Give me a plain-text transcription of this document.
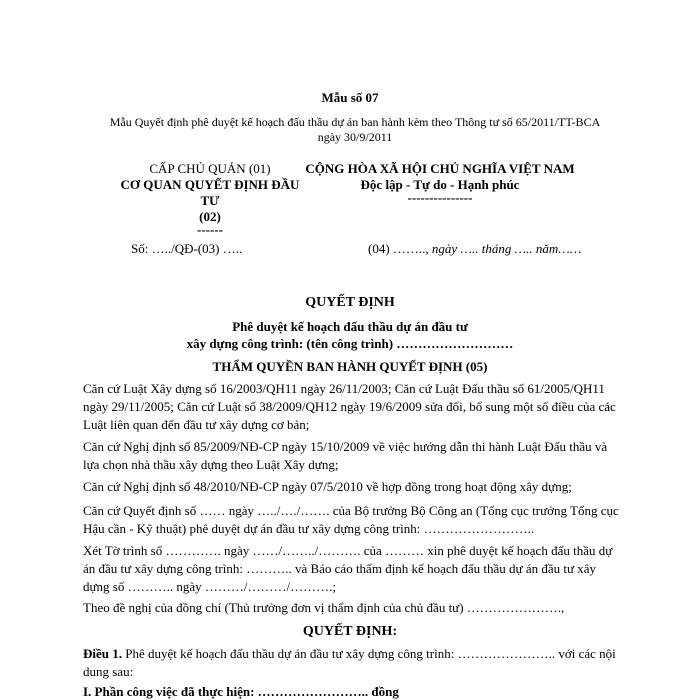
Mẫu số 07
Mẫu Quyết định phê duyệt kế hoạch đấu thầu dự án ban hành kèm theo Thông tư số 65/2011/TT-BCA ngày 30/9/2011
CẤP CHỦ QUẢN (01)
CƠ QUAN QUYẾT ĐỊNH ĐẦU TƯ
(02)
------
CỘNG HÒA XÃ HỘI CHỦ NGHĨA VIỆT NAM
Độc lập - Tự do - Hạnh phúc
---------------
Số: …../QĐ-(03) …..	(04) …….., ngày ….. tháng ….. năm……
QUYẾT ĐỊNH
Phê duyệt kế hoạch đấu thầu dự án đầu tư
xây dựng công trình: (tên công trình) ………………………
THẨM QUYỀN BAN HÀNH QUYẾT ĐỊNH (05)
Căn cứ Luật Xây dựng số 16/2003/QH11 ngày 26/11/2003; Căn cứ Luật Đấu thầu số 61/2005/QH11 ngày 29/11/2005; Căn cứ Luật số 38/2009/QH12 ngày 19/6/2009 sửa đổi, bổ sung một số điều của các Luật liên quan đến đầu tư xây dựng cơ bản;
Căn cứ Nghị định số 85/2009/NĐ-CP ngày 15/10/2009 về việc hướng dẫn thi hành Luật Đấu thầu và lựa chọn nhà thầu xây dựng theo Luật Xây dựng;
Căn cứ Nghị định số 48/2010/NĐ-CP ngày 07/5/2010 về hợp đồng trong hoạt động xây dựng;
Căn cứ Quyết định số …… ngày …../…./……. của Bộ trưởng Bộ Công an (Tổng cục trưởng Tổng cục Hậu cần - Kỹ thuật) phê duyệt dự án đầu tư xây dựng công trình: ……………………..
Xét Tờ trình số …………. ngày ……/……../………. của ……… xin phê duyệt kế hoạch đấu thầu dự án đầu tư xây dựng công trình: ……….. và Báo cáo thẩm định kế hoạch đấu thầu dự án đầu tư xây dựng số ……….. ngày ………/………/……….;
Theo đề nghị của đồng chí (Thủ trưởng đơn vị thẩm định của chủ đầu tư) ………………….,
QUYẾT ĐỊNH:
Điều 1. Phê duyệt kế hoạch đấu thầu dự án đầu tư xây dựng công trình: ………………….. với các nội dung sau:
I. Phần công việc đã thực hiện: …………………….. đồng
